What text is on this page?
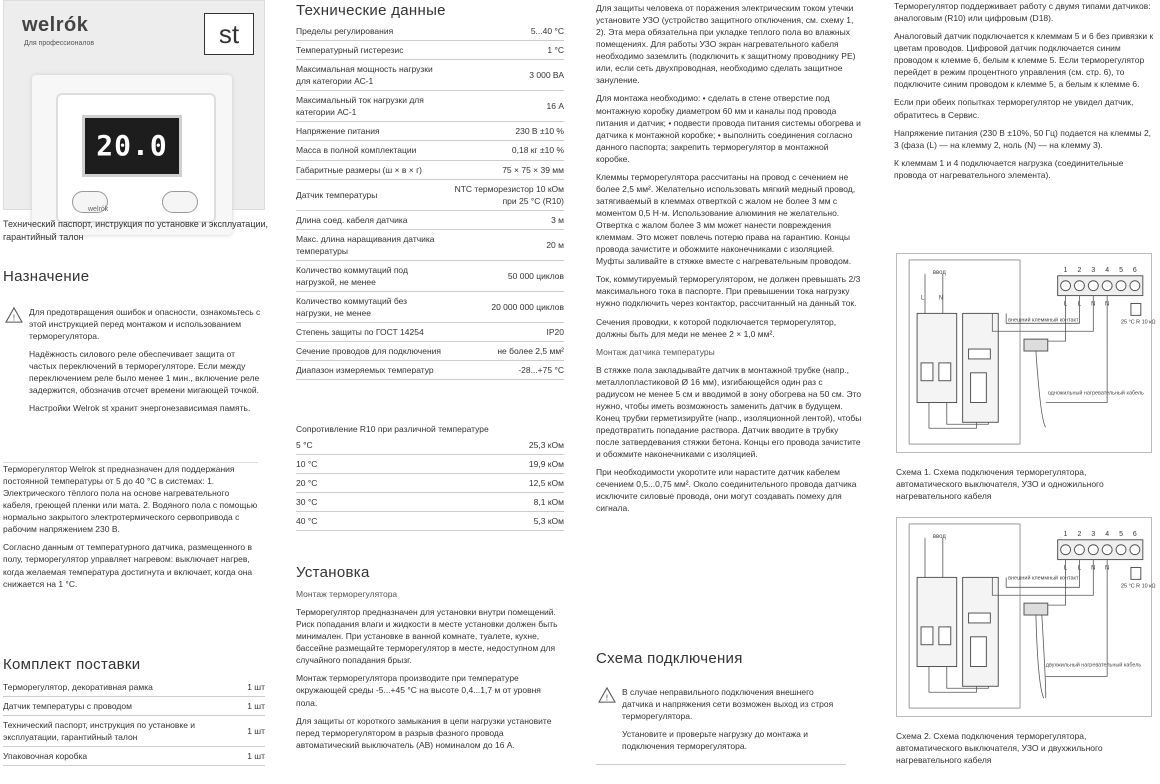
welrók
Для профессионалов	st
20.0
welrók
Технический паспорт, инструкция по установке и эксплуатации, гарантийный талон
Назначение
!

Для предотвращения ошибок и опасности, ознакомьтесь с этой инструкцией перед монтажом и использованием терморегулятора.

Надёжность силового реле обеспечивает защита от частых переключений в терморегуляторе. Если между переключением реле было менее 1 мин., включение реле задержится, обозначив отсчет времени мигающей точкой.

Настройки Welrok st хранит энергонезависимая память.

Терморегулятор Welrok st предназначен для поддержания постоянной температуры от 5 до 40 °C в системах: 1. Электрического тёплого пола на основе нагревательного кабеля, греющей пленки или мата. 2. Водяного пола с помощью нормально закрытого электротермического сервопривода с рабочим напряжением 230 В.

Согласно данным от температурного датчика, размещенного в полу, терморегулятор управляет нагревом: выключает нагрев, когда желаемая температура достигнута и включает, когда она снижается на 1 °C.

Комплект поставки
Терморегулятор, декоративная рамка	1 шт
Датчик температуры с проводом	1 шт
Технический паспорт, инструкция по установке и эксплуатации, гарантийный талон	1 шт
Упаковочная коробка	1 шт
Технические данные
Пределы регулирования	5...40 °C
Температурный гистерезис	1 °C
Максимальная мощность нагрузки для категории АС-1	3 000 ВА
Максимальный ток нагрузки для категории АС-1	16 А
Напряжение питания	230 В ±10 %
Масса в полной комплектации	0,18 кг ±10 %
Габаритные размеры (ш × в × г)	75 × 75 × 39 мм
Датчик температуры	NTC терморезистор 10 кОм при 25 °C (R10)
Длина соед. кабеля датчика	3 м
Макс. длина наращивания датчика температуры	20 м
Количество коммутаций под нагрузкой, не менее	50 000 циклов
Количество коммутаций без нагрузки, не менее	20 000 000 циклов
Степень защиты по ГОСТ 14254	IP20
Сечение проводов для подключения	не более 2,5 мм²
Диапазон измеряемых температур	-28...+75 °C
Сопротивление R10 при различной температуре
5 °C	25,3 кОм
10 °C	19,9 кОм
20 °C	12,5 кОм
30 °C	8,1 кОм
40 °C	5,3 кОм
Установка

Монтаж терморегулятора

Терморегулятор предназначен для установки внутри помещений. Риск попадания влаги и жидкости в месте установки должен быть минимален. При установке в ванной комнате, туалете, кухне, бассейне размещайте терморегулятор в месте, недоступном для случайного попадания брызг.

Монтаж терморегулятора производите при температуре окружающей среды -5...+45 °C на высоте 0,4...1,7 м от уровня пола.

Для защиты от короткого замыкания в цепи нагрузки установите перед терморегулятором в разрыв фазного провода автоматический выключатель (АВ) номиналом до 16 А.

Для защиты человека от поражения электрическим током утечки установите УЗО (устройство защитного отключения, см. схему 1, 2). Эта мера обязательна при укладке теплого пола во влажных помещениях. Для работы УЗО экран нагревательного кабеля необходимо заземлить (подключить к защитному проводнику РЕ) или, если сеть двухпроводная, необходимо сделать защитное зануление.

Для монтажа необходимо: • сделать в стене отверстие под монтажную коробку диаметром 60 мм и каналы под провода питания и датчик; • подвести провода питания системы обогрева и датчика к монтажной коробке; • выполнить соединения согласно данного паспорта; закрепить терморегулятор в монтажной коробке.

Клеммы терморегулятора рассчитаны на провод с сечением не более 2,5 мм². Желательно использовать мягкий медный провод, затягиваемый в клеммах отверткой с жалом не более 3 мм с моментом 0,5 Н·м. Использование алюминия не желательно. Отвертка с жалом более 3 мм может нанести повреждения клеммам. Это может повлечь потерю права на гарантию. Концы провода зачистите и обожмите наконечниками с изоляцией. Муфты заливайте в стяжке вместе с нагревательным проводом.

Ток, коммутируемый терморегулятором, не должен превышать 2/3 максимального тока в паспорте. При превышении тока нагрузку нужно подключить через контактор, рассчитанный на данный ток.

Сечения проводки, к которой подключается терморегулятор, должны быть для меди не менее 2 × 1,0 мм².

Монтаж датчика температуры

В стяжке пола закладывайте датчик в монтажной трубке (напр., металлопластиковой Ø 16 мм), изгибающейся один раз с радиусом не менее 5 см и вводимой в зону обогрева на 50 см. Это нужно, чтобы иметь возможность заменить датчик в будущем. Конец трубки герметизируйте (напр., изоляционной лентой), чтобы предотвратить попадание раствора. Датчик вводите в трубку после затвердевания стяжки бетона. Концы его провода зачистите и обожмите наконечниками с изоляцией.

При необходимости укоротите или нарастите датчик кабелем сечением 0,5...0,75 мм². Около соединительного провода датчика исключите силовые провода, они могут создавать помеху для сигнала.

Схема подключения
!

В случае неправильного подключения внешнего датчика и напряжения сети возможен выход из строя терморегулятора.

Установите и проверьте нагрузку до монтажа и подключения терморегулятора.

Терморегулятор поддерживает работу с двумя типами датчиков: аналоговым (R10) или цифровым (D18).

Аналоговый датчик подключается к клеммам 5 и 6 без привязки к цветам проводов. Цифровой датчик подключается синим проводом к клемме 6, белым к клемме 5. Если терморегулятор перейдет в режим процентного управления (см. стр. 6), то подключите синим проводом к клемме 5, а белым к клемме 6.

Если при обеих попытках терморегулятор не увидел датчик, обратитесь в Сервис.

Напряжение питания (230 В ±10%, 50 Гц) подается на клеммы 2, 3 (фаза (L) — на клемму 2, ноль (N) — на клемму 3).

К клеммам 1 и 4 подключается нагрузка (соединительные провода от нагревательного элемента).

ввод
L N
1 2 3 4 5 6
L L N N
25 °C R 10 кΩ
внешний клеммный контакт
одножильный нагревательный кабель
Схема 1. Схема подключения терморегулятора, автоматического выключателя, УЗО и одножильного нагревательного кабеля
ввод	1 2 3 4 5 6
L L N N
25 °C R 10 кΩ
внешний клеммный контакт
двухжильный нагревательный кабель
Схема 2. Схема подключения терморегулятора, автоматического выключателя, УЗО и двухжильного нагревательного кабеля
